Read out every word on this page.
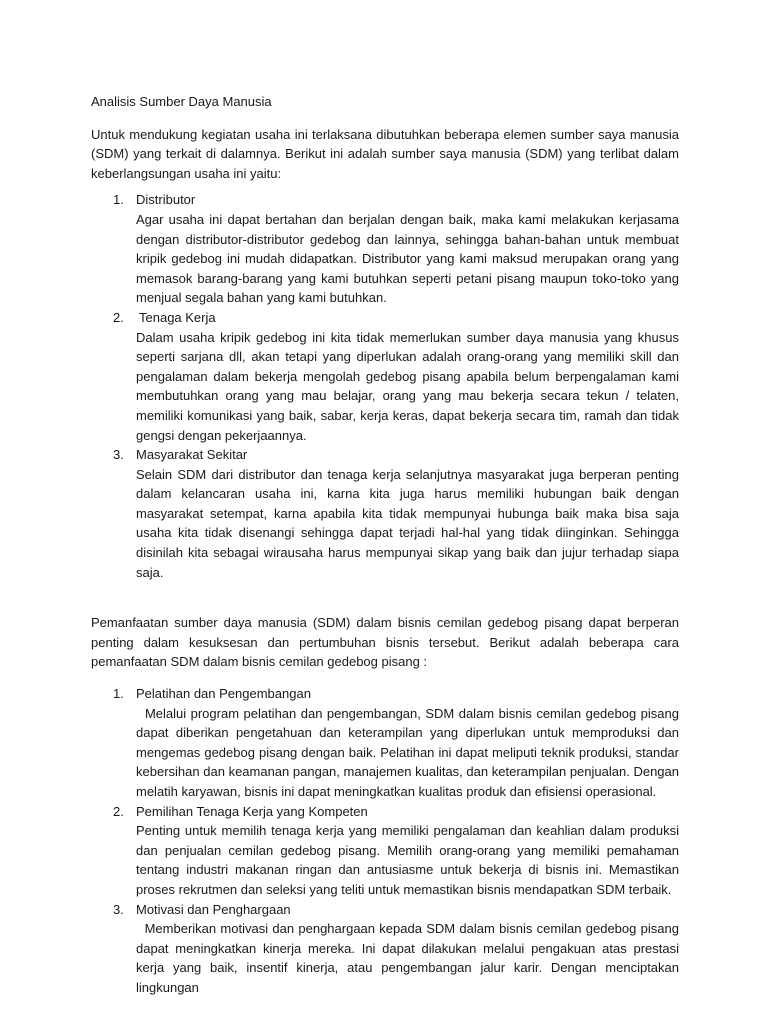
Analisis Sumber Daya Manusia

Untuk mendukung kegiatan usaha ini terlaksana dibutuhkan beberapa elemen sumber saya manusia (SDM) yang terkait di dalamnya. Berikut ini adalah sumber saya manusia (SDM) yang terlibat dalam keberlangsungan usaha ini yaitu:

1. Distributor
Agar usaha ini dapat bertahan dan berjalan dengan baik, maka kami melakukan kerjasama dengan distributor-distributor gedebog dan lainnya, sehingga bahan-bahan untuk membuat kripik gedebog ini mudah didapatkan. Distributor yang kami maksud merupakan orang yang memasok barang-barang yang kami butuhkan seperti petani pisang maupun toko-toko yang menjual segala bahan yang kami butuhkan.
2. Tenaga Kerja
Dalam usaha kripik gedebog ini kita tidak memerlukan sumber daya manusia yang khusus seperti sarjana dll, akan tetapi yang diperlukan adalah orang-orang yang memiliki skill dan pengalaman dalam bekerja mengolah gedebog pisang apabila belum berpengalaman kami membutuhkan orang yang mau belajar, orang yang mau bekerja secara tekun / telaten, memiliki komunikasi yang baik, sabar, kerja keras, dapat bekerja secara tim, ramah dan tidak gengsi dengan pekerjaannya.
3. Masyarakat Sekitar
Selain SDM dari distributor dan tenaga kerja selanjutnya masyarakat juga berperan penting dalam kelancaran usaha ini, karna kita juga harus memiliki hubungan baik dengan masyarakat setempat, karna apabila kita tidak mempunyai hubunga baik maka bisa saja usaha kita tidak disenangi sehingga dapat terjadi hal-hal yang tidak diinginkan. Sehingga disinilah kita sebagai wirausaha harus mempunyai sikap yang baik dan jujur terhadap siapa saja.

Pemanfaatan sumber daya manusia (SDM) dalam bisnis cemilan gedebog pisang dapat berperan penting dalam kesuksesan dan pertumbuhan bisnis tersebut. Berikut adalah beberapa cara pemanfaatan SDM dalam bisnis cemilan gedebog pisang :

1. Pelatihan dan Pengembangan
Melalui program pelatihan dan pengembangan, SDM dalam bisnis cemilan gedebog pisang dapat diberikan pengetahuan dan keterampilan yang diperlukan untuk memproduksi dan mengemas gedebog pisang dengan baik. Pelatihan ini dapat meliputi teknik produksi, standar kebersihan dan keamanan pangan, manajemen kualitas, dan keterampilan penjualan. Dengan melatih karyawan, bisnis ini dapat meningkatkan kualitas produk dan efisiensi operasional.
2. Pemilihan Tenaga Kerja yang Kompeten
Penting untuk memilih tenaga kerja yang memiliki pengalaman dan keahlian dalam produksi dan penjualan cemilan gedebog pisang. Memilih orang-orang yang memiliki pemahaman tentang industri makanan ringan dan antusiasme untuk bekerja di bisnis ini. Memastikan proses rekrutmen dan seleksi yang teliti untuk memastikan bisnis mendapatkan SDM terbaik.
3. Motivasi dan Penghargaan
Memberikan motivasi dan penghargaan kepada SDM dalam bisnis cemilan gedebog pisang dapat meningkatkan kinerja mereka. Ini dapat dilakukan melalui pengakuan atas prestasi kerja yang baik, insentif kinerja, atau pengembangan jalur karir. Dengan menciptakan lingkungan
